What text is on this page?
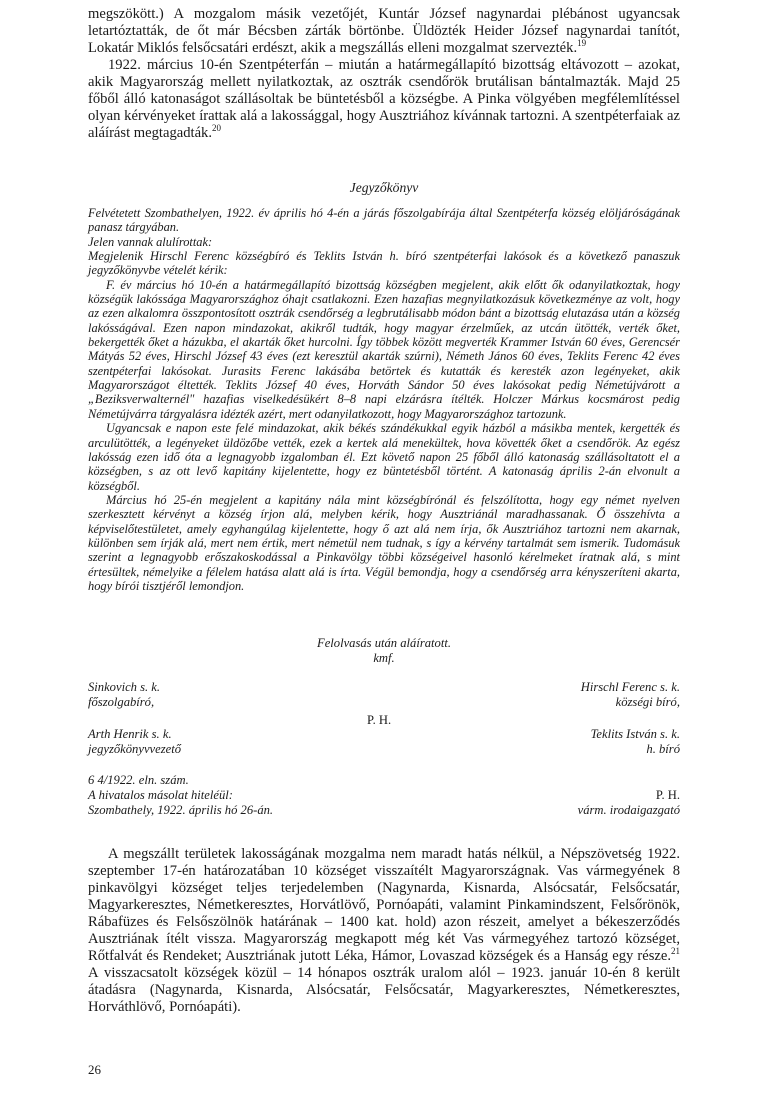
megszökött.) A mozgalom másik vezetőjét, Kuntár József nagynardai plébánost ugyancsak letartóztatták, de őt már Bécsben zárták börtönbe. Üldözték Heider József nagynardai tanítót, Lokatár Miklós felsőcsatári erdészt, akik a megszállás elleni mozgalmat szervezték.$^{19}$

1922. március 10-én Szentpéterfán – miután a határmegállapító bizottság eltávozott – azokat, akik Magyarország mellett nyilatkoztak, az osztrák csendőrök brutálisan bántalmazták. Majd 25 főből álló katonaságot szállásoltak be büntetésből a községbe. A Pinka völgyében megfélemlítéssel olyan kérvényeket írattak alá a lakossággal, hogy Ausztriához kívánnak tartozni. A szentpéterfaiak az aláírást megtagadták.$^{20}$

Jegyzőkönyv

Felvétetett Szombathelyen, 1922. év április hó 4-én a járás főszolgabírája által Szentpéterfa község elöljáróságának panasz tárgyában.

Jelen vannak alulírottak:

Megjelenik Hirschl Ferenc községbíró és Teklits István h. bíró szentpéterfai lakósok és a következő panaszuk jegyzőkönyvbe vételét kérik:

F. év március hó 10-én a határmegállapító bizottság községben megjelent, akik előtt ők odanyilatkoztak, hogy községük lakóssága Magyarországhoz óhajt csatlakozni. Ezen hazafias megnyilatkozásuk következménye az volt, hogy az ezen alkalomra összpontosított osztrák csendőrség a legbrutálisabb módon bánt a bizottság elutazása után a község lakósságával. Ezen napon mindazokat, akikről tudták, hogy magyar érzelműek, az utcán ütötték, verték őket, bekergették őket a házukba, el akarták őket hurcolni. Így többek között megverték Krammer István 60 éves, Gerencsér Mátyás 52 éves, Hirschl József 43 éves (ezt keresztül akarták szúrni), Németh János 60 éves, Teklits Ferenc 42 éves szentpéterfai lakósokat. Jurasits Ferenc lakásába betörtek és kutatták és keresték azon legényeket, akik Magyarországot éltették. Teklits József 40 éves, Horváth Sándor 50 éves lakósokat pedig Németújvárott a „Beziksverwalternél" hazafias viselkedésükért 8–8 napi elzárásra ítélték. Holczer Márkus kocsmárost pedig Németújvárra tárgyalásra idézték azért, mert odanyilatkozott, hogy Magyarországhoz tartozunk.

Ugyancsak e napon este felé mindazokat, akik békés szándékukkal egyik házból a másikba mentek, kergették és arculütötték, a legényeket üldözőbe vették, ezek a kertek alá menekültek, hova követték őket a csendőrök. Az egész lakósság ezen idő óta a legnagyobb izgalomban él. Ezt követő napon 25 főből álló katonaság szállásoltatott el a községben, s az ott levő kapitány kijelentette, hogy ez büntetésből történt. A katonaság április 2-án elvonult a községből.

Március hó 25-én megjelent a kapitány nála mint községbírónál és felszólította, hogy egy német nyelven szerkesztett kérvényt a község írjon alá, melyben kérik, hogy Ausztriánál maradhassanak. Ő összehívta a képviselőtestületet, amely egyhangúlag kijelentette, hogy ő azt alá nem írja, ők Ausztriához tartozni nem akarnak, különben sem írják alá, mert nem értik, mert németül nem tudnak, s így a kérvény tartalmát sem ismerik. Tudomásuk szerint a legnagyobb erőszakoskodással a Pinkavölgy többi községeivel hasonló kérelmeket íratnak alá, s mint értesültek, némelyike a félelem hatása alatt alá is írta. Végül bemondja, hogy a csendőrség arra kényszeríteni akarta, hogy bírói tisztjéről lemondjon.

Felolvasás után aláíratott.
kmf.
Sinkovich s. k.
főszolgabíró,
Hirschl Ferenc s. k.
községi bíró,
P. H.
Arth Henrik s. k.
jegyzőkönyvvezető
Teklits István s. k.
h. bíró
6 4/1922. eln. szám.
A hivatalos másolat hiteléül:
Szombathely, 1922. április hó 26-án.
P. H.
várm. irodaigazgató

A megszállt területek lakosságának mozgalma nem maradt hatás nélkül, a Népszövetség 1922. szeptember 17-én határozatában 10 községet visszaítélt Magyarországnak. Vas vármegyének 8 pinkavölgyi községet teljes terjedelemben (Nagynarda, Kisnarda, Alsócsatár, Felsőcsatár, Magyarkeresztes, Németkeresztes, Horvátlövő, Pornóapáti, valamint Pinkamindszent, Felsőrönök, Rábafüzes és Felsőszölnök határának – 1400 kat. hold) azon részeit, amelyet a békeszerződés Ausztriának ítélt vissza. Magyarország megkapott még két Vas vármegyéhez tartozó községet, Rőtfalvát és Rendeket; Ausztriának jutott Léka, Hámor, Lovaszad községek és a Hanság egy része.$^{21}$ A visszacsatolt községek közül – 14 hónapos osztrák uralom alól – 1923. január 10-én 8 került átadásra (Nagynarda, Kisnarda, Alsócsatár, Felsőcsatár, Magyarkeresztes, Németkeresztes, Horváthlövő, Pornóapáti).

26
